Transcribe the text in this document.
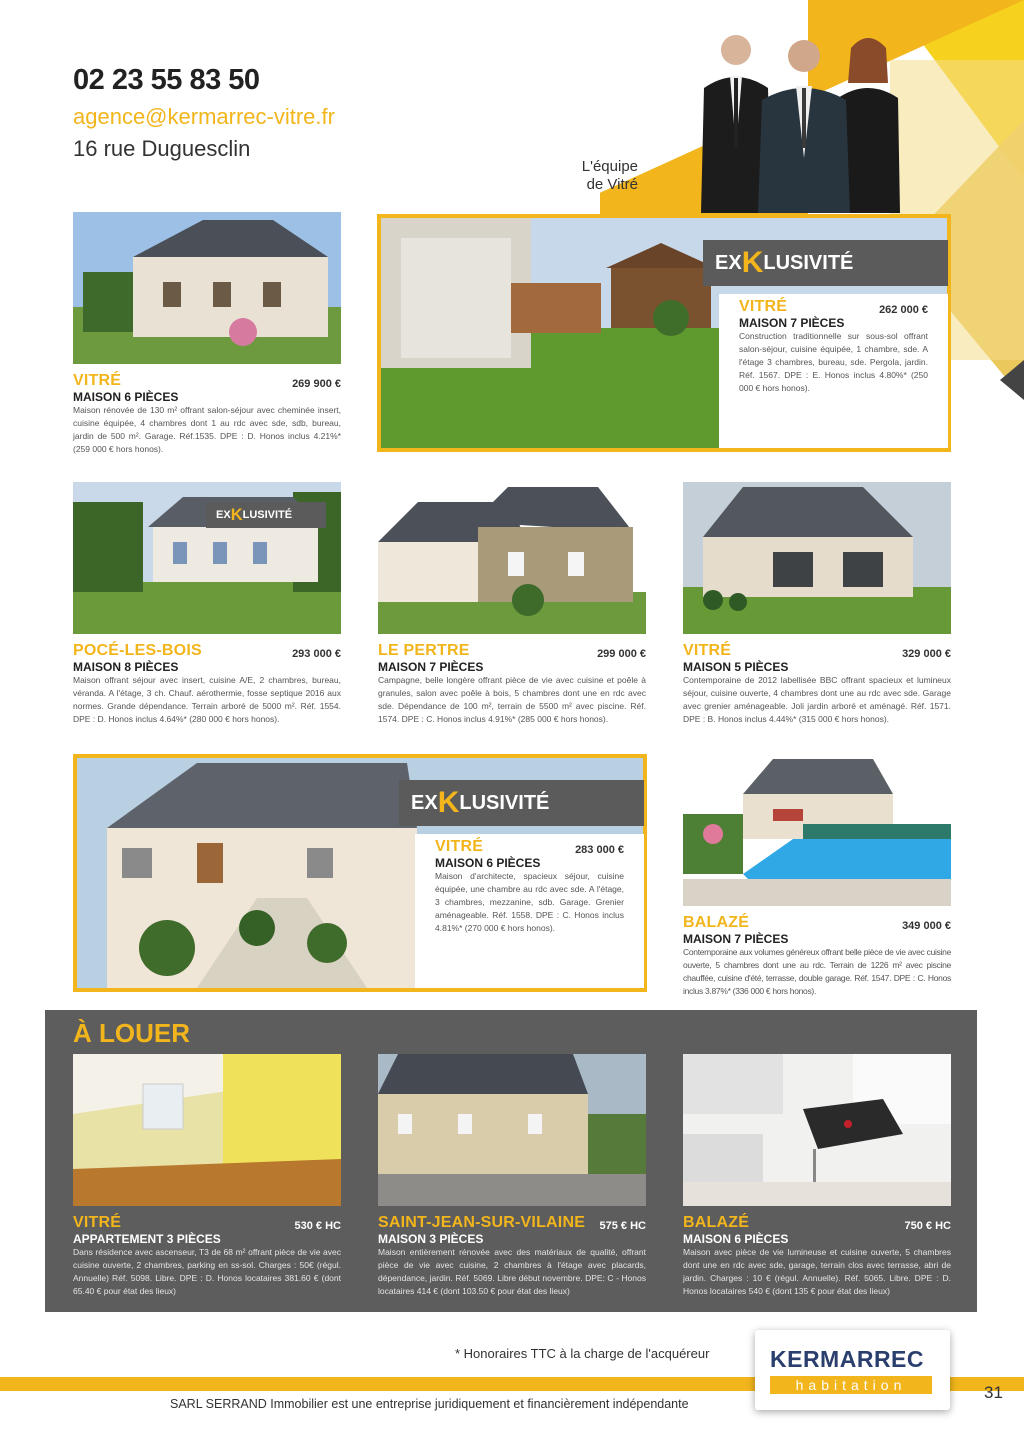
02 23 55 83 50
agence@kermarrec-vitre.fr
16 rue Duguesclin
L'équipe
de Vitré
VITRÉ	269 900 €
MAISON 6 PIÈCES
Maison rénovée de 130 m² offrant salon-séjour avec cheminée insert, cuisine équipée, 4 chambres dont 1 au rdc avec sde, sdb, bureau, jardin de 500 m². Garage. Réf.1535. DPE : D. Honos inclus 4.21%* (259 000 € hors honos).
EX K LUSIVITÉ
VITRÉ	262 000 €
MAISON 7 PIÈCES
Construction traditionnelle sur sous-sol offrant salon-séjour, cuisine équipée, 1 chambre, sde. A l'étage 3 chambres, bureau, sde. Pergola, jardin. Réf. 1567. DPE : E. Honos inclus 4.80%* (250 000 € hors honos).
EX K LUSIVITÉ
POCÉ-LES-BOIS	293 000 €
MAISON 8 PIÈCES
Maison offrant séjour avec insert, cuisine A/E, 2 chambres, bureau, véranda. A l'étage, 3 ch. Chauf. aérothermie, fosse septique 2016 aux normes. Grande dépendance. Terrain arboré de 5000 m². Réf. 1554. DPE : D. Honos inclus 4.64%* (280 000 € hors honos).
LE PERTRE	299 000 €
MAISON 7 PIÈCES
Campagne, belle longère offrant pièce de vie avec cuisine et poêle à granules, salon avec poêle à bois, 5 chambres dont une en rdc avec sde. Dépendance de 100 m², terrain de 5500 m² avec piscine. Réf. 1574. DPE : C. Honos inclus 4.91%* (285 000 € hors honos).
VITRÉ	329 000 €
MAISON 5 PIÈCES
Contemporaine de 2012 labellisée BBC offrant spacieux et lumineux séjour, cuisine ouverte, 4 chambres dont une au rdc avec sde. Garage avec grenier aménageable. Joli jardin arboré et aménagé. Réf. 1571. DPE : B. Honos inclus 4.44%* (315 000 € hors honos).
EX K LUSIVITÉ
VITRÉ	283 000 €
MAISON 6 PIÈCES
Maison d'architecte, spacieux séjour, cuisine équipée, une chambre au rdc avec sde. A l'étage, 3 chambres, mezzanine, sdb. Garage. Grenier aménageable. Réf. 1558. DPE : C. Honos inclus 4.81%* (270 000 € hors honos).	BALAZÉ	349 000 €
MAISON 7 PIÈCES
Contemporaine aux volumes généreux offrant belle pièce de vie avec cuisine ouverte, 5 chambres dont une au rdc. Terrain de 1226 m² avec piscine chauffée, cuisine d'été, terrasse, double garage. Réf. 1547. DPE : C. Honos inclus 3.87%* (336 000 € hors honos).
À LOUER
VITRÉ	530 € HC
APPARTEMENT 3 PIÈCES
Dans résidence avec ascenseur, T3 de 68 m² offrant pièce de vie avec cuisine ouverte, 2 chambres, parking en ss-sol. Charges : 50€ (régul. Annuelle) Réf. 5098. Libre. DPE : D. Honos locataires 381.60 € (dont 65.40 € pour état des lieux)
SAINT-JEAN-SUR-VILAINE 575 € HC
MAISON 3 PIÈCES
Maison entièrement rénovée avec des matériaux de qualité, offrant pièce de vie avec cuisine, 2 chambres à l'étage avec placards, dépendance, jardin. Réf. 5069. Libre début novembre. DPE: C - Honos locataires 414 € (dont 103.50 € pour état des lieux)
BALAZÉ	750 € HC
MAISON 6 PIÈCES
Maison avec pièce de vie lumineuse et cuisine ouverte, 5 chambres dont une en rdc avec sde, garage, terrain clos avec terrasse, abri de jardin. Charges : 10 € (régul. Annuelle). Réf. 5065. Libre. DPE : D. Honos locataires 540 € (dont 135 € pour état des lieux)
* Honoraires TTC à la charge de l'acquéreur
SARL SERRAND Immobilier est une entreprise juridiquement et financièrement indépendante
KERMARREC
habitation	31
